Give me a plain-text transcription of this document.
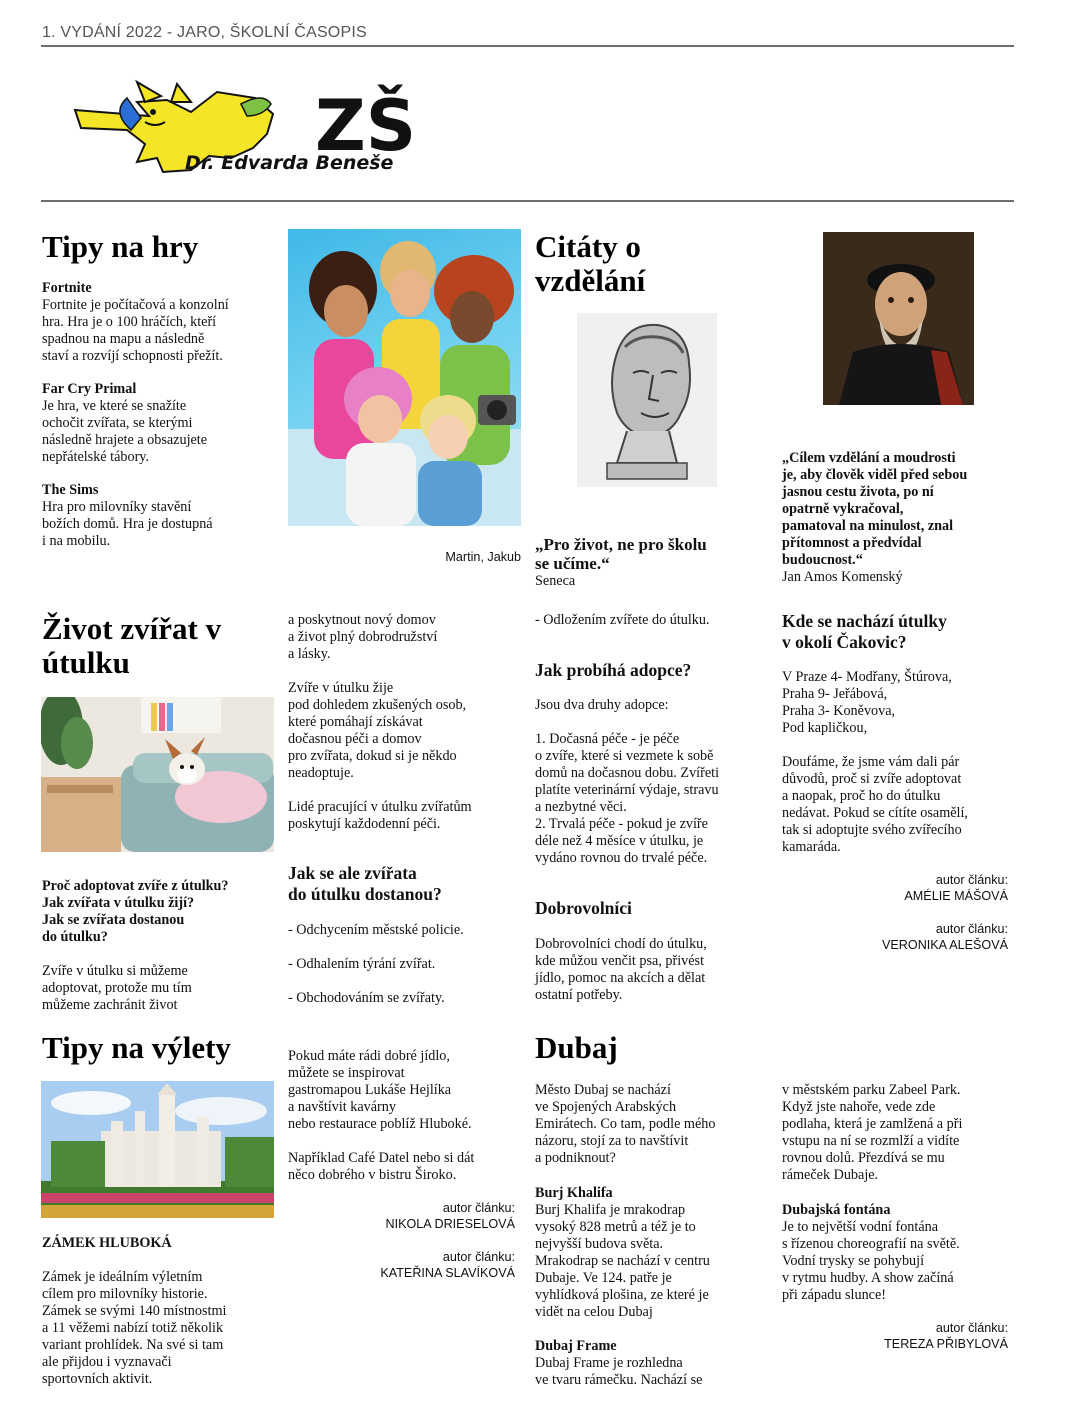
1. VYDÁNÍ 2022 - JARO, ŠKOLNÍ ČASOPIS
ZŠ
Dr. Edvarda Beneše
Tipy na hry
Fortnite
Fortnite je počítačová a konzolní
hra. Hra je o 100 hráčích, kteří
spadnou na mapu a následně
staví a rozvíjí schopnosti přežít.
Far Cry Primal
Je hra, ve které se snažíte
ochočit zvířata, se kterými
následně hrajete a obsazujete
nepřátelské tábory.
The Sims
Hra pro milovníky stavění
božích domů. Hra je dostupná
i na mobilu.
Martin, Jakub
Citáty o
vzdělání
„Pro život, ne pro školu
se učíme.“
Seneca
„Cílem vzdělání a moudrosti
je, aby člověk viděl před sebou
jasnou cestu života, po ní
opatrně vykračoval,
pamatoval na minulost, znal
přítomnost a předvídal
budoucnost.“
Jan Amos Komenský
Život zvířat v
útulku
Proč adoptovat zvíře z útulku?
Jak zvířata v útulku žijí?
Jak se zvířata dostanou
do útulku?
Zvíře v útulku si můžeme
adoptovat, protože mu tím
můžeme zachránit život
a poskytnout nový domov
a život plný dobrodružství
a lásky.
Zvíře v útulku žije
pod dohledem zkušených osob,
které pomáhají získávat
dočasnou péči a domov
pro zvířata, dokud si je někdo
neadoptuje.
Lidé pracující v útulku zvířatům
poskytují každodenní péči.
Jak se ale zvířata
do útulku dostanou?
- Odchycením městské policie.
- Odhalením týrání zvířat.
- Obchodováním se zvířaty.
- Odložením zvířete do útulku.
Jak probíhá adopce?
Jsou dva druhy adopce:
1. Dočasná péče - je péče
o zvíře, které si vezmete k sobě
domů na dočasnou dobu. Zvířeti
platíte veterinární výdaje, stravu
a nezbytné věci.
2. Trvalá péče - pokud je zvíře
déle než 4 měsíce v útulku, je
vydáno rovnou do trvalé péče.
Dobrovolníci
Dobrovolníci chodí do útulku,
kde můžou venčit psa, přivést
jídlo, pomoc na akcích a dělat
ostatní potřeby.
Kde se nachází útulky
v okolí Čakovic?
V Praze 4- Modřany, Štúrova,
Praha 9- Jeřábová,
Praha 3- Koněvova,
Pod kapličkou,
Doufáme, že jsme vám dali pár
důvodů, proč si zvíře adoptovat
a naopak, proč ho do útulku
nedávat. Pokud se cítíte osamělí,
tak si adoptujte svého zvířecího
kamaráda.
autor článku:
AMÉLIE MÁŠOVÁ
autor článku:
VERONIKA ALEŠOVÁ
Tipy na výlety
ZÁMEK HLUBOKÁ
Zámek je ideálním výletním
cílem pro milovníky historie.
Zámek se svými 140 místnostmi
a 11 věžemi nabízí totiž několik
variant prohlídek. Na své si tam
ale přijdou i vyznavači
sportovních aktivit.
Pokud máte rádi dobré jídlo,
můžete se inspirovat
gastromapou Lukáše Hejlíka
a navštívit kavárny
nebo restaurace poblíž Hluboké.
Například Café Datel nebo si dát
něco dobrého v bistru Široko.
autor článku:
NIKOLA DRIESELOVÁ
autor článku:
KATEŘINA SLAVÍKOVÁ
Dubaj
Město Dubaj se nachází
ve Spojených Arabských
Emirátech. Co tam, podle mého
názoru, stojí za to navštívit
a podniknout?
Burj Khalifa
Burj Khalifa je mrakodrap
vysoký 828 metrů a též je to
nejvyšší budova světa.
Mrakodrap se nachází v centru
Dubaje. Ve 124. patře je
vyhlídková plošina, ze které je
vidět na celou Dubaj
Dubaj Frame
Dubaj Frame je rozhledna
ve tvaru rámečku. Nachází se
v městském parku Zabeel Park.
Když jste nahoře, vede zde
podlaha, která je zamlžená a při
vstupu na ní se rozmlží a vidíte
rovnou dolů. Přezdívá se mu
rámeček Dubaje.
Dubajská fontána
Je to největší vodní fontána
s řízenou choreografií na světě.
Vodní trysky se pohybují
v rytmu hudby. A show začíná
při západu slunce!
autor článku:
TEREZA PŘIBYLOVÁ
